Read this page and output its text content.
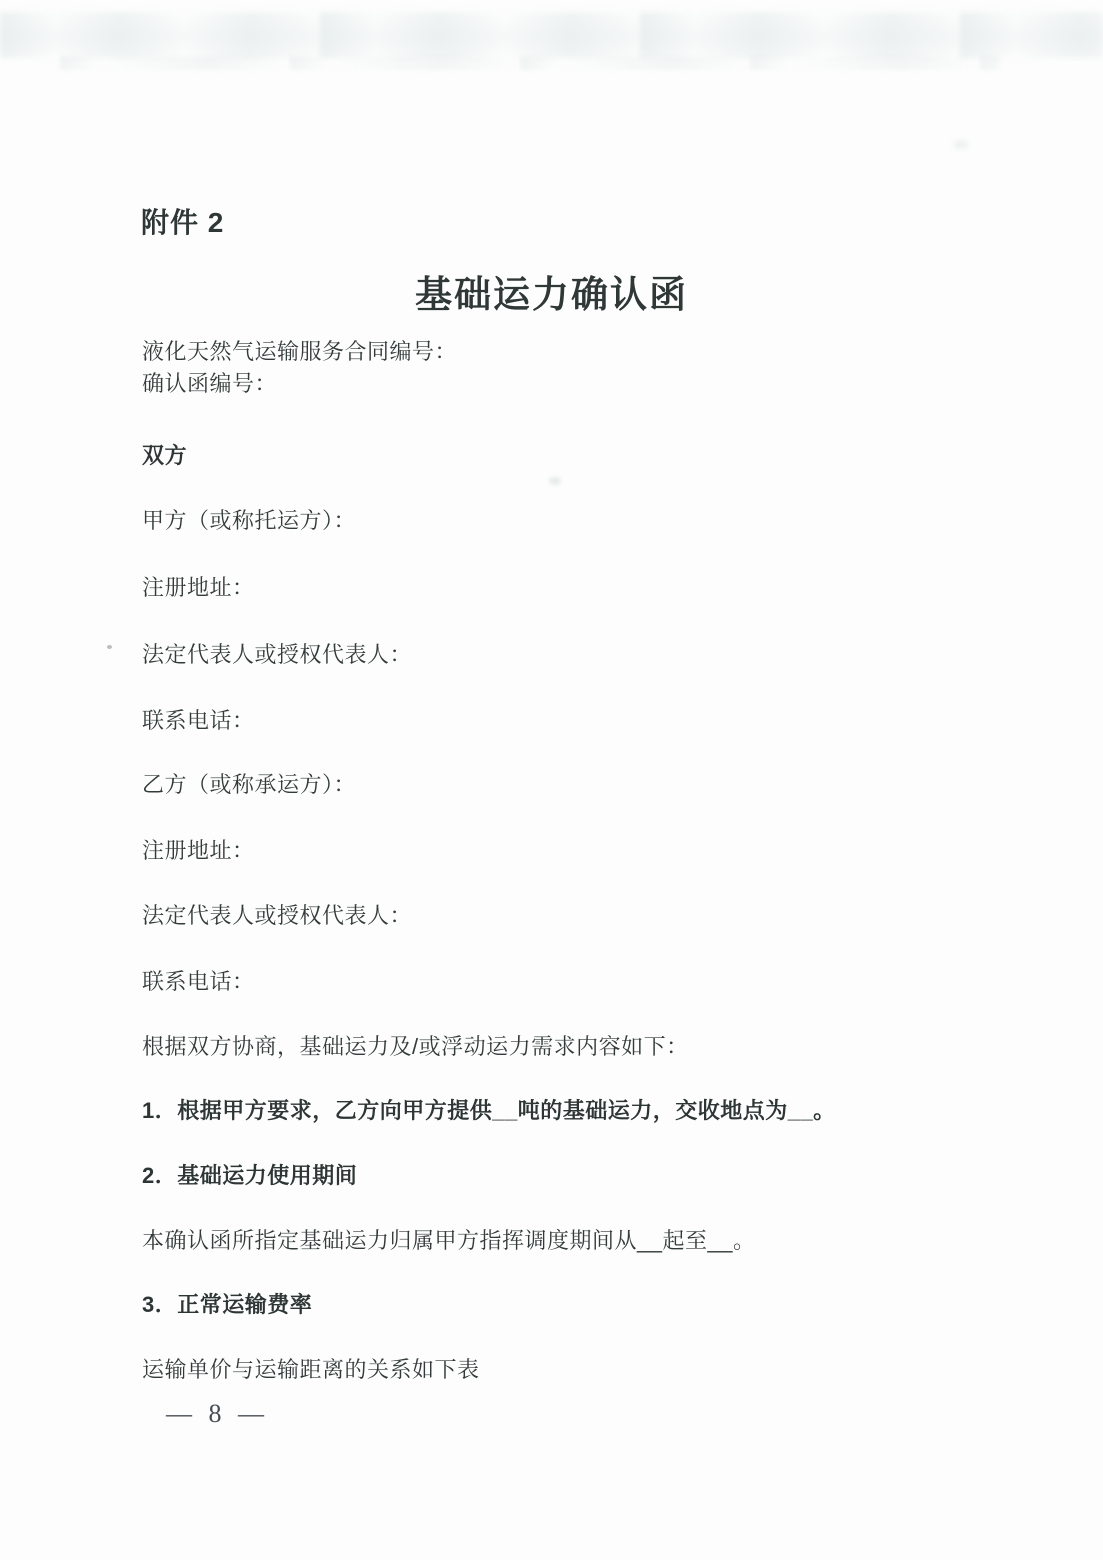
附件 2
基础运力确认函
液化天然气运输服务合同编号：
确认函编号：
双方
甲方（或称托运方）：
注册地址：
法定代表人或授权代表人：
联系电话：
乙方（或称承运方）：
注册地址：
法定代表人或授权代表人：
联系电话：
根据双方协商，基础运力及/或浮动运力需求内容如下：
1．根据甲方要求，乙方向甲方提供__吨的基础运力，交收地点为__。
2．基础运力使用期间
本确认函所指定基础运力归属甲方指挥调度期间从__起至__。
3．正常运输费率
运输单价与运输距离的关系如下表
— 8 —
